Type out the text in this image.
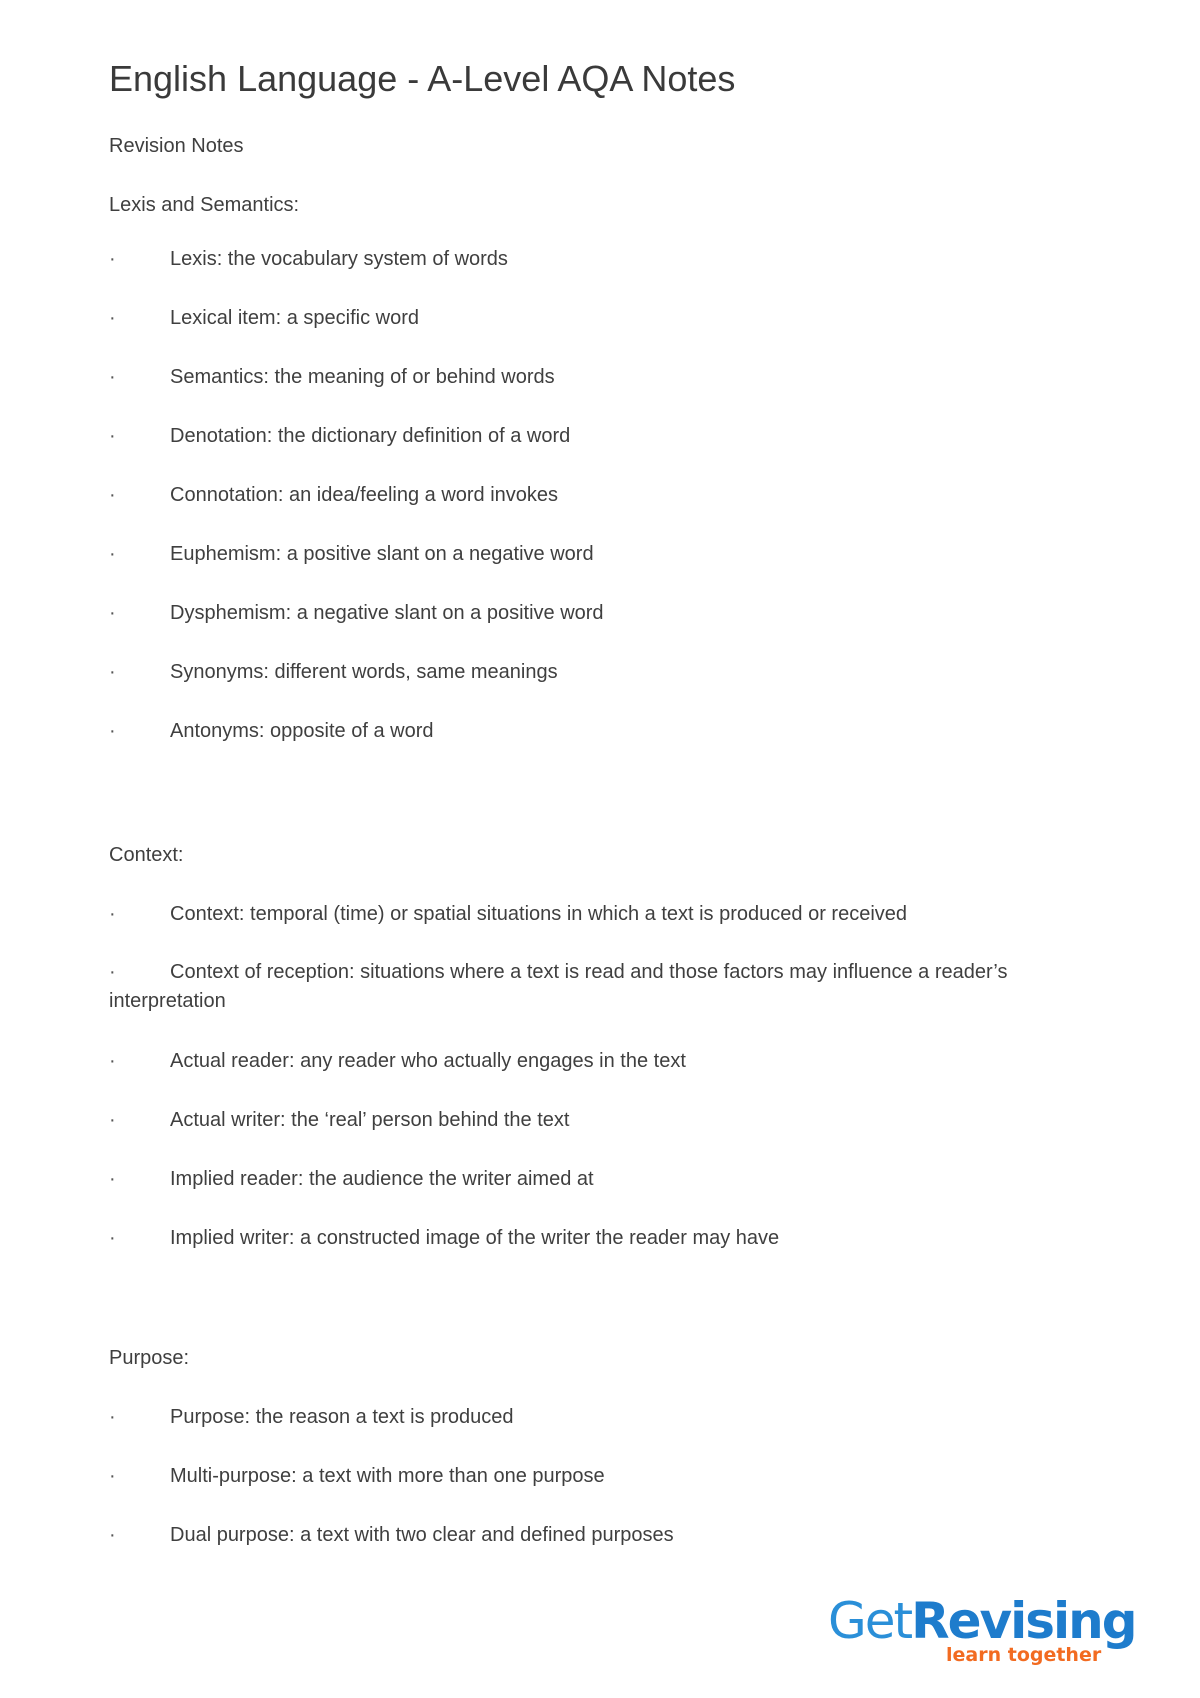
English Language - A-Level AQA Notes
Revision Notes
Lexis and Semantics:
·	Lexis: the vocabulary system of words
·	Lexical item: a specific word
·	Semantics: the meaning of or behind words
·	Denotation: the dictionary definition of a word
·	Connotation: an idea/feeling a word invokes
·	Euphemism: a positive slant on a negative word
·	Dysphemism: a negative slant on a positive word
·	Synonyms: different words, same meanings
·	Antonyms: opposite of a word
Context:
·	Context: temporal (time) or spatial situations in which a text is produced or received
·	Context of reception: situations where a text is read and those factors may influence a reader’s interpretation
·	Actual reader: any reader who actually engages in the text
·	Actual writer: the ‘real’ person behind the text
·	Implied reader: the audience the writer aimed at
·	Implied writer: a constructed image of the writer the reader may have
Purpose:
·	Purpose: the reason a text is produced
·	Multi-purpose: a text with more than one purpose
·	Dual purpose: a text with two clear and defined purposes
GetRevising
learn together
